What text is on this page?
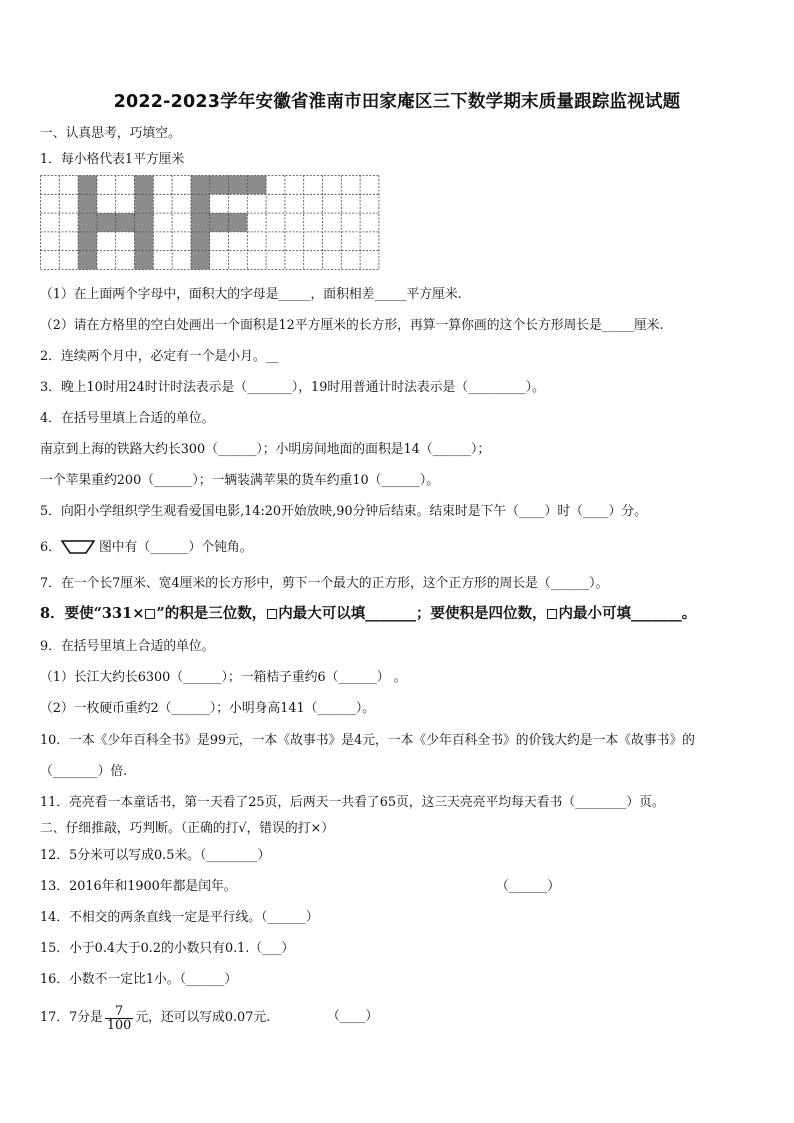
2022-2023学年安徽省淮南市田家庵区三下数学期末质量跟踪监视试题
一、认真思考，巧填空。
1．每小格代表1平方厘米
（1）在上面两个字母中，面积大的字母是_____，面积相差_____平方厘米.
（2）请在方格里的空白处画出一个面积是12平方厘米的长方形，再算一算你画的这个长方形周长是_____厘米.
2．连续两个月中，必定有一个是小月。__
3．晚上10时用24时计时法表示是（_______），19时用普通计时法表示是（_________）。
4．在括号里填上合适的单位。
南京到上海的铁路大约长300（______）；小明房间地面的面积是14（______）；
一个苹果重约200（______）；一辆装满苹果的货车约重10（______）。
5．向阳小学组织学生观看爱国电影,14:20开始放映,90分钟后结束。结束时是下午（____）时（____）分。
6．	图中有（______）个钝角。
7．在一个长7厘米、宽4厘米的长方形中，剪下一个最大的正方形，这个正方形的周长是（______）。
8．要使“331× ”的积是三位数， 内最大可以填_______；要使积是四位数， 内最小可填_______。
9．在括号里填上合适的单位。
（1）长江大约长6300（______）；一箱桔子重约6（______） 。
（2）一枚硬币重约2（______）；小明身高141（______）。
10．一本《少年百科全书》是99元，一本《故事书》是4元，一本《少年百科全书》的价钱大约是一本《故事书》的
（_______）倍.
11．亮亮看一本童话书，第一天看了25页，后两天一共看了65页，这三天亮亮平均每天看书（________）页。
二、仔细推敲，巧判断。（正确的打√，错误的打×）
12．5分米可以写成0.5米。（________）
13．2016年和1900年都是闰年。	（______）
14．不相交的两条直线一定是平行线。（______）
15．小于0.4大于0.2的小数只有0.1.（___）
16．小数不一定比1小。（______）
17．7分是 $\frac{7}{100}$ 元，还可以写成0.07元.	（____）
